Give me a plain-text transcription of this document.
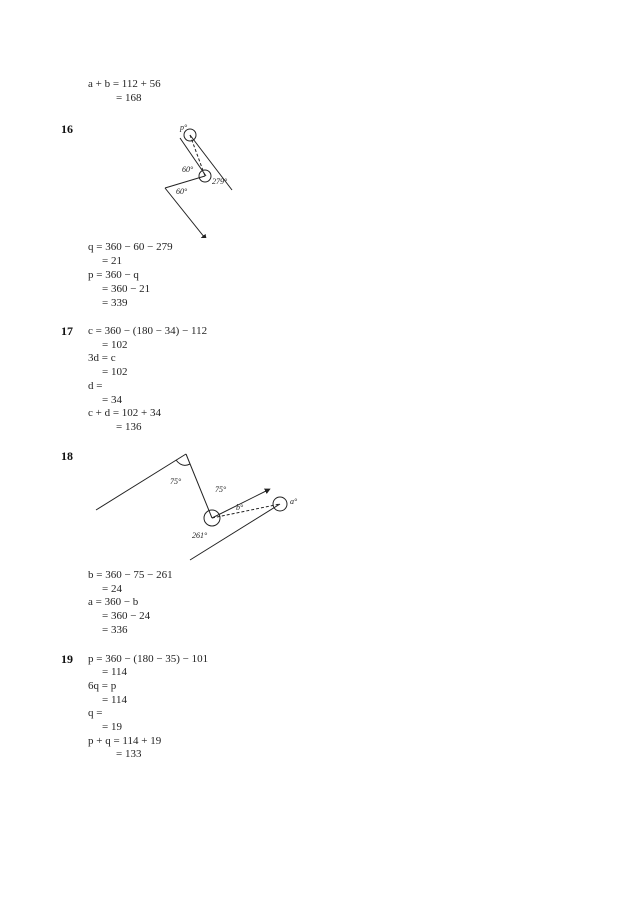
a + b = 112 + 56
= 168
16	p°
60°
279°
60°
q = 360 − 60 − 279
= 21
p = 360 − q
= 360 − 21
= 339
17 c = 360 − (180 − 34) − 112
= 102
3d = c
= 102
d =
= 34
c + d = 102 + 34
= 136
18
75°
75°
b°
a°
261°
b = 360 − 75 − 261
= 24
a = 360 − b
= 360 − 24
= 336
19 p = 360 − (180 − 35) − 101
= 114
6q = p
= 114
q =
= 19
p + q = 114 + 19
= 133
